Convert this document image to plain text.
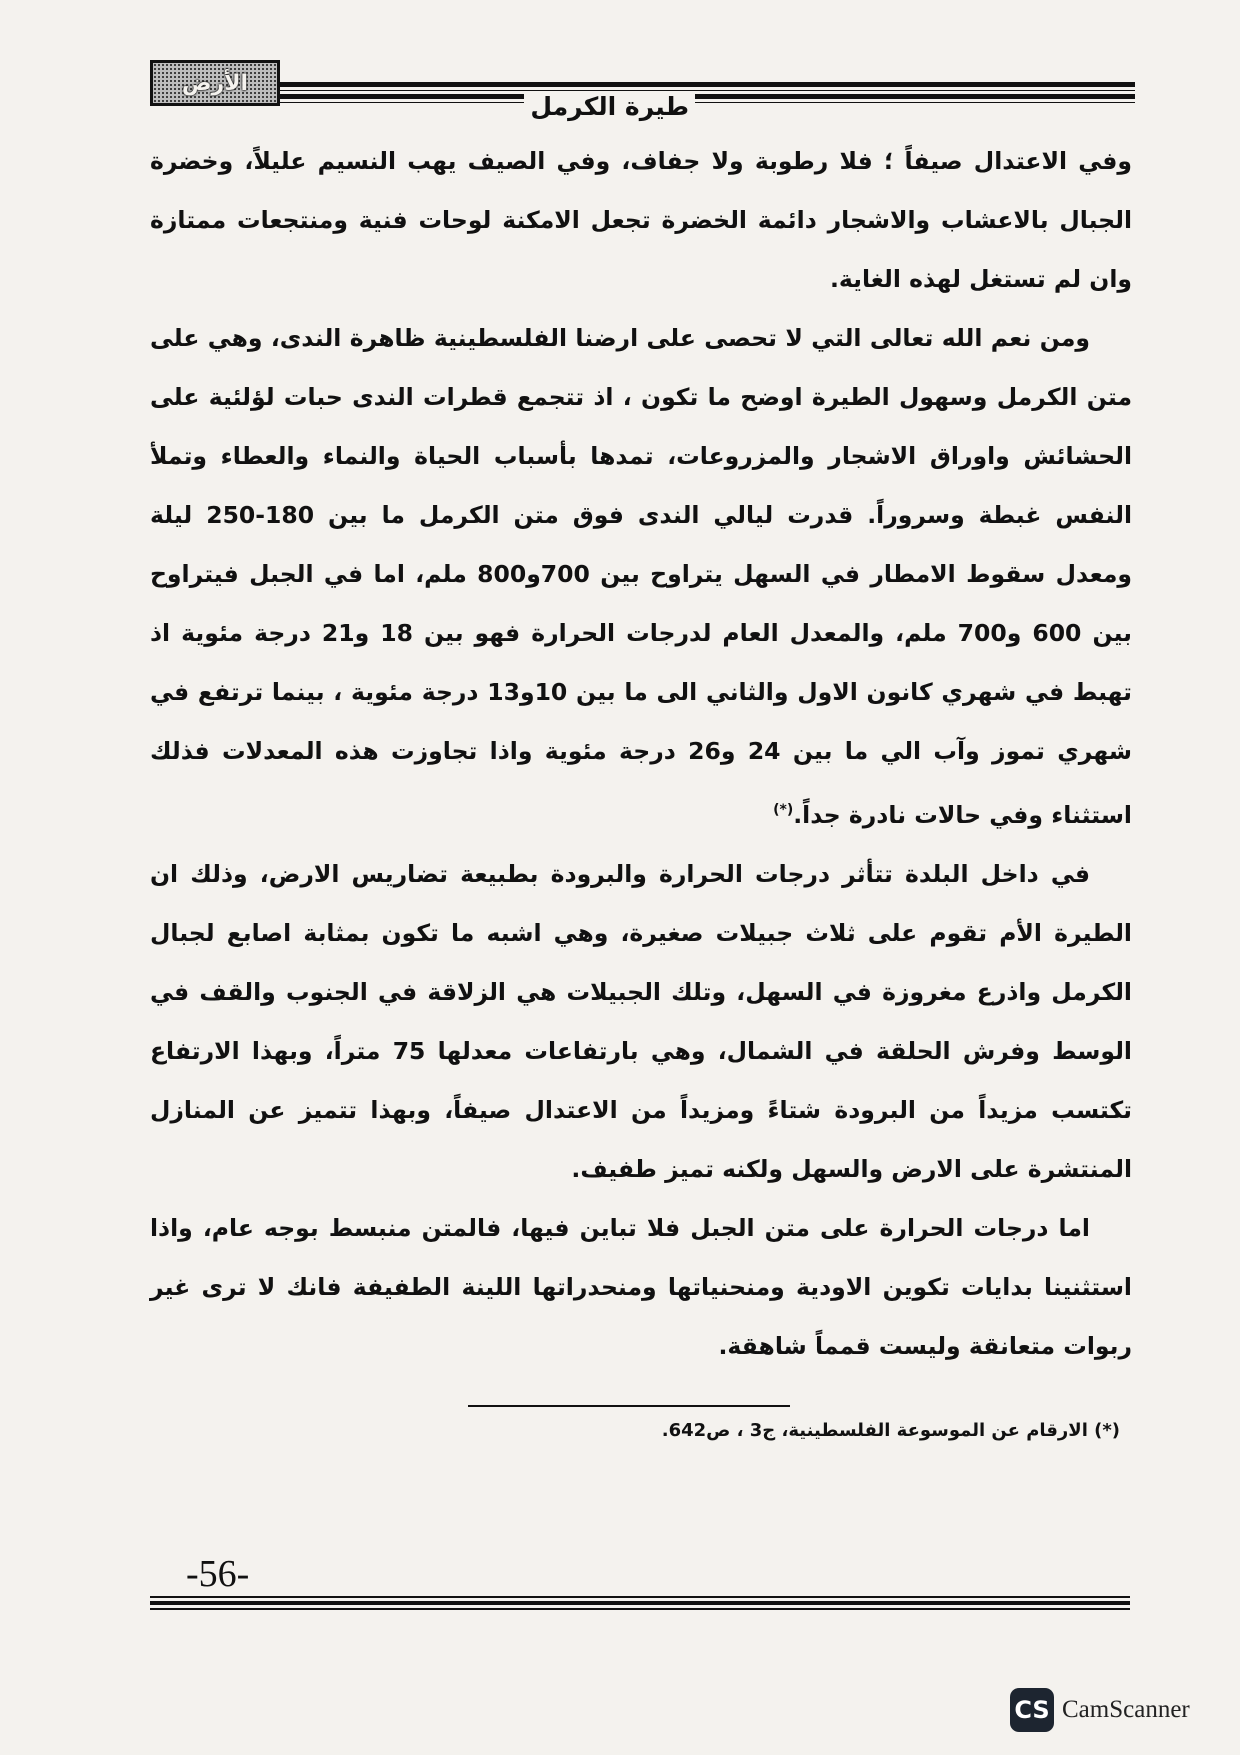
الأرض
طيرة الكرمل

وفي الاعتدال صيفاً ؛ فلا رطوبة ولا جفاف، وفي الصيف يهب النسيم عليلاً، وخضرة الجبال بالاعشاب والاشجار دائمة الخضرة تجعل الامكنة لوحات فنية ومنتجعات ممتازة وان لم تستغل لهذه الغاية.

ومن نعم الله تعالى التي لا تحصى على ارضنا الفلسطينية ظاهرة الندى، وهي على متن الكرمل وسهول الطيرة اوضح ما تكون ، اذ تتجمع قطرات الندى حبات لؤلئية على الحشائش واوراق الاشجار والمزروعات، تمدها بأسباب الحياة والنماء والعطاء وتملأ النفس غبطة وسروراً. قدرت ليالي الندى فوق متن الكرمل ما بين 180-250 ليلة ومعدل سقوط الامطار في السهل يتراوح بين 700و800 ملم، اما في الجبل فيتراوح بين 600 و700 ملم، والمعدل العام لدرجات الحرارة فهو بين 18 و21 درجة مئوية اذ تهبط في شهري كانون الاول والثاني الى ما بين 10و13 درجة مئوية ، بينما ترتفع في شهري تموز وآب الي ما بين 24 و26 درجة مئوية واذا تجاوزت هذه المعدلات فذلك استثناء وفي حالات نادرة جداً.(*)

في داخل البلدة تتأثر درجات الحرارة والبرودة بطبيعة تضاريس الارض، وذلك ان الطيرة الأم تقوم على ثلاث جبيلات صغيرة، وهي اشبه ما تكون بمثابة اصابع لجبال الكرمل واذرع مغروزة في السهل، وتلك الجبيلات هي الزلاقة في الجنوب والقف في الوسط وفرش الحلقة في الشمال، وهي بارتفاعات معدلها 75 متراً، وبهذا الارتفاع تكتسب مزيداً من البرودة شتاءً ومزيداً من الاعتدال صيفاً، وبهذا تتميز عن المنازل المنتشرة على الارض والسهل ولكنه تميز طفيف.

اما درجات الحرارة على متن الجبل فلا تباين فيها، فالمتن منبسط بوجه عام، واذا استثنينا بدايات تكوين الاودية ومنحنياتها ومنحدراتها اللينة الطفيفة فانك لا ترى غير ربوات متعانقة وليست قمماً شاهقة.

(*) الارقام عن الموسوعة الفلسطينية، ج3 ، ص642.
-56-
CS CamScanner
